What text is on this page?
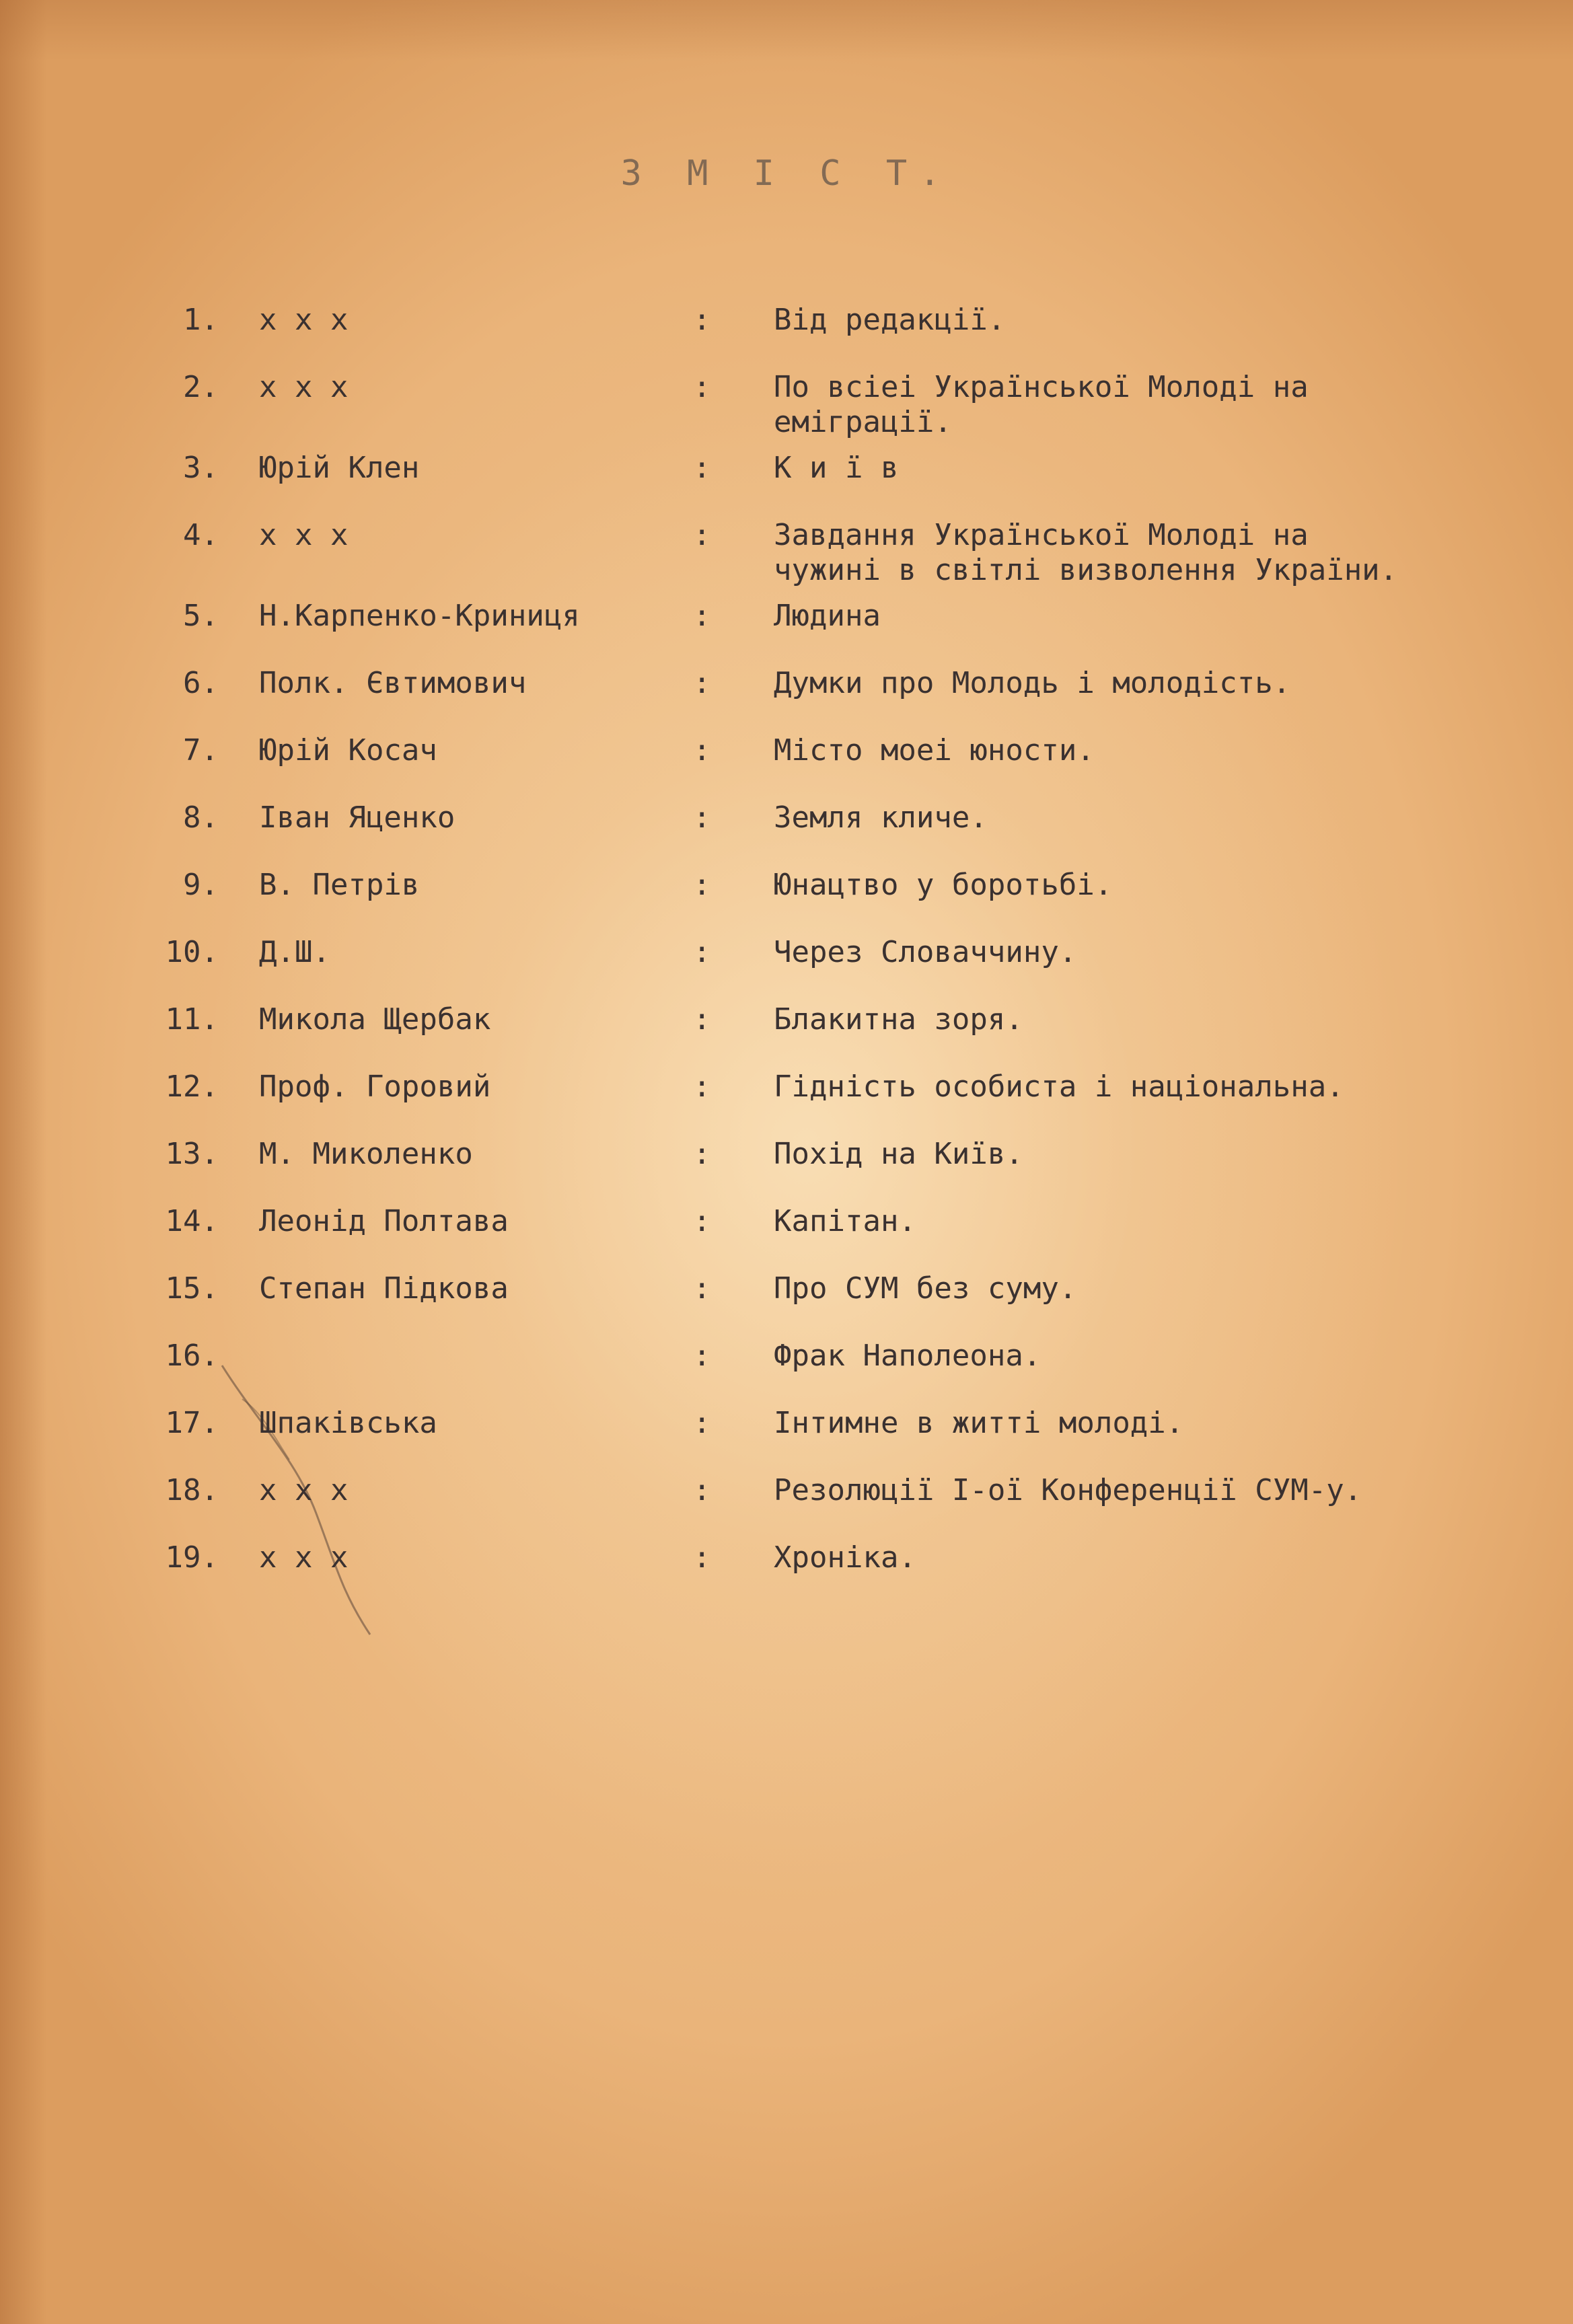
З М І С Т.
1. х х х	: Від редакції.
2. х х х	: По всіеі Української Молоді на
емiграції.
3. Юрій Клен	: К и ї в
4. х х х	: Завдання Української Молоді на
чужині в світлі визволення України.
5. Н.Карпенко-Криниця	: Людина
6. Полк. Євтимович	: Думки про Молодь і молодість.
7. Юрій Косач	: Місто моеі юности.
8. Іван Яценко	: Земля кличе.
9. В. Петрів	: Юнацтво у боротьбі.
10. Д.Ш.	: Через Словаччину.
11. Микола Щербак	: Блакитна зоря.
12. Проф. Горовий	: Гідність особиста і національна.
13. М. Миколенко	: Похід на Київ.
14. Леонід Полтава	: Капітан.
15. Степан Підкова	: Про СУМ без суму.
16.	: Фрак Наполеона.
17. Шпаківська	: Інтимне в житті молоді.
18. х х х	: Резолюції І-ої Конференції СУМ-у.
19. х х х	: Хроніка.
